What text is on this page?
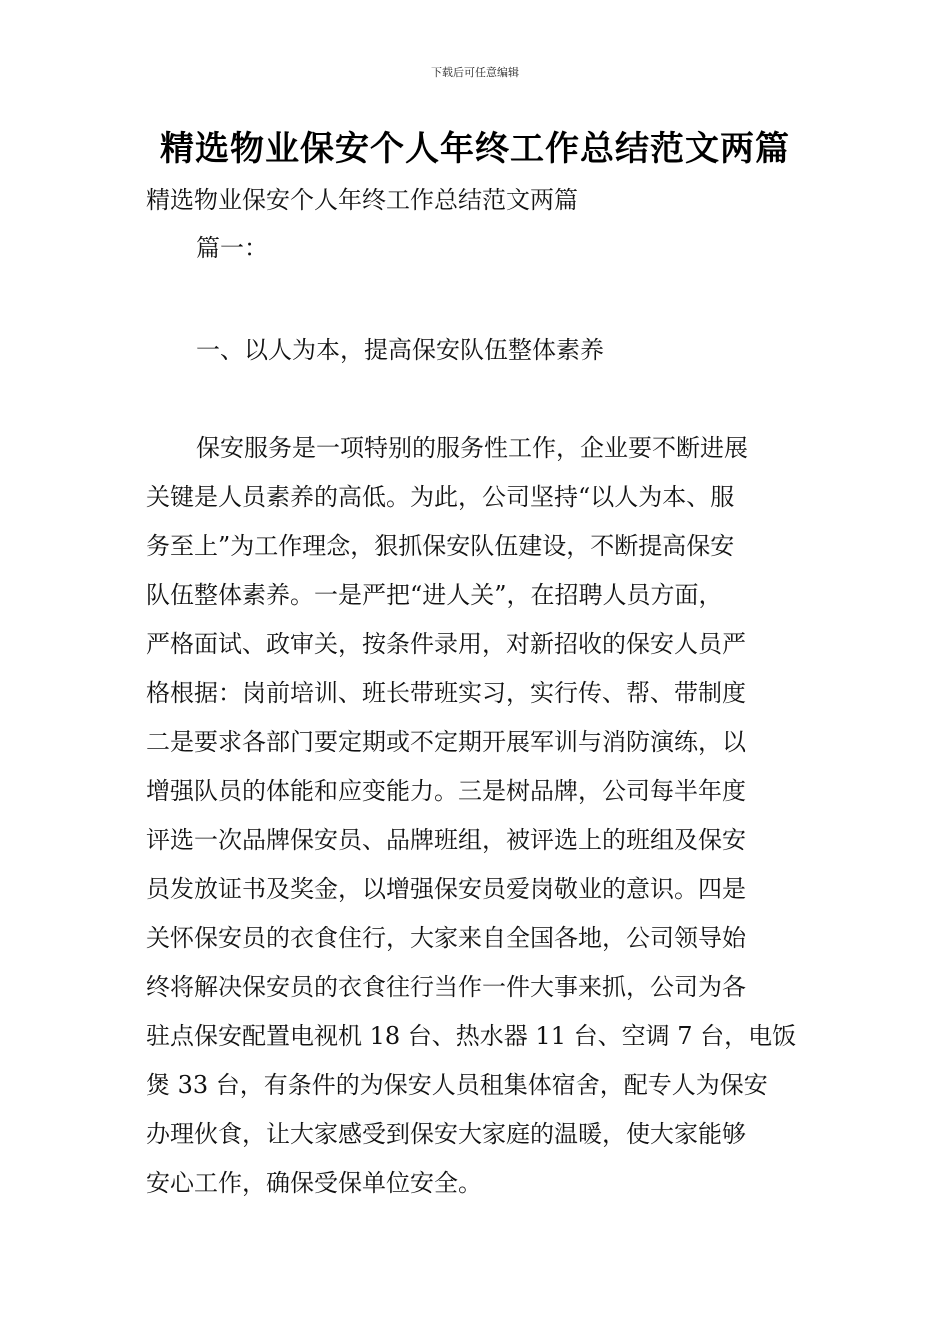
下载后可任意编辑
精选物业保安个人年终工作总结范文两篇

精选物业保安个人年终工作总结范文两篇

篇一：

一、以人为本，提高保安队伍整体素养

保安服务是一项特别的服务性工作，企业要不断进展
关键是人员素养的高低。为此，公司坚持“以人为本、服
务至上”为工作理念，狠抓保安队伍建设，不断提高保安
队伍整体素养。一是严把“进人关”，在招聘人员方面，
严格面试、政审关，按条件录用，对新招收的保安人员严
格根据：岗前培训、班长带班实习，实行传、帮、带制度
二是要求各部门要定期或不定期开展军训与消防演练，以
增强队员的体能和应变能力。三是树品牌，公司每半年度
评选一次品牌保安员、品牌班组，被评选上的班组及保安
员发放证书及奖金，以增强保安员爱岗敬业的意识。四是
关怀保安员的衣食住行，大家来自全国各地，公司领导始
终将解决保安员的衣食往行当作一件大事来抓，公司为各
驻点保安配置电视机 18 台、热水器 11 台、空调 7 台，电饭
煲 33 台，有条件的为保安人员租集体宿舍，配专人为保安
办理伙食，让大家感受到保安大家庭的温暖，使大家能够
安心工作，确保受保单位安全。
